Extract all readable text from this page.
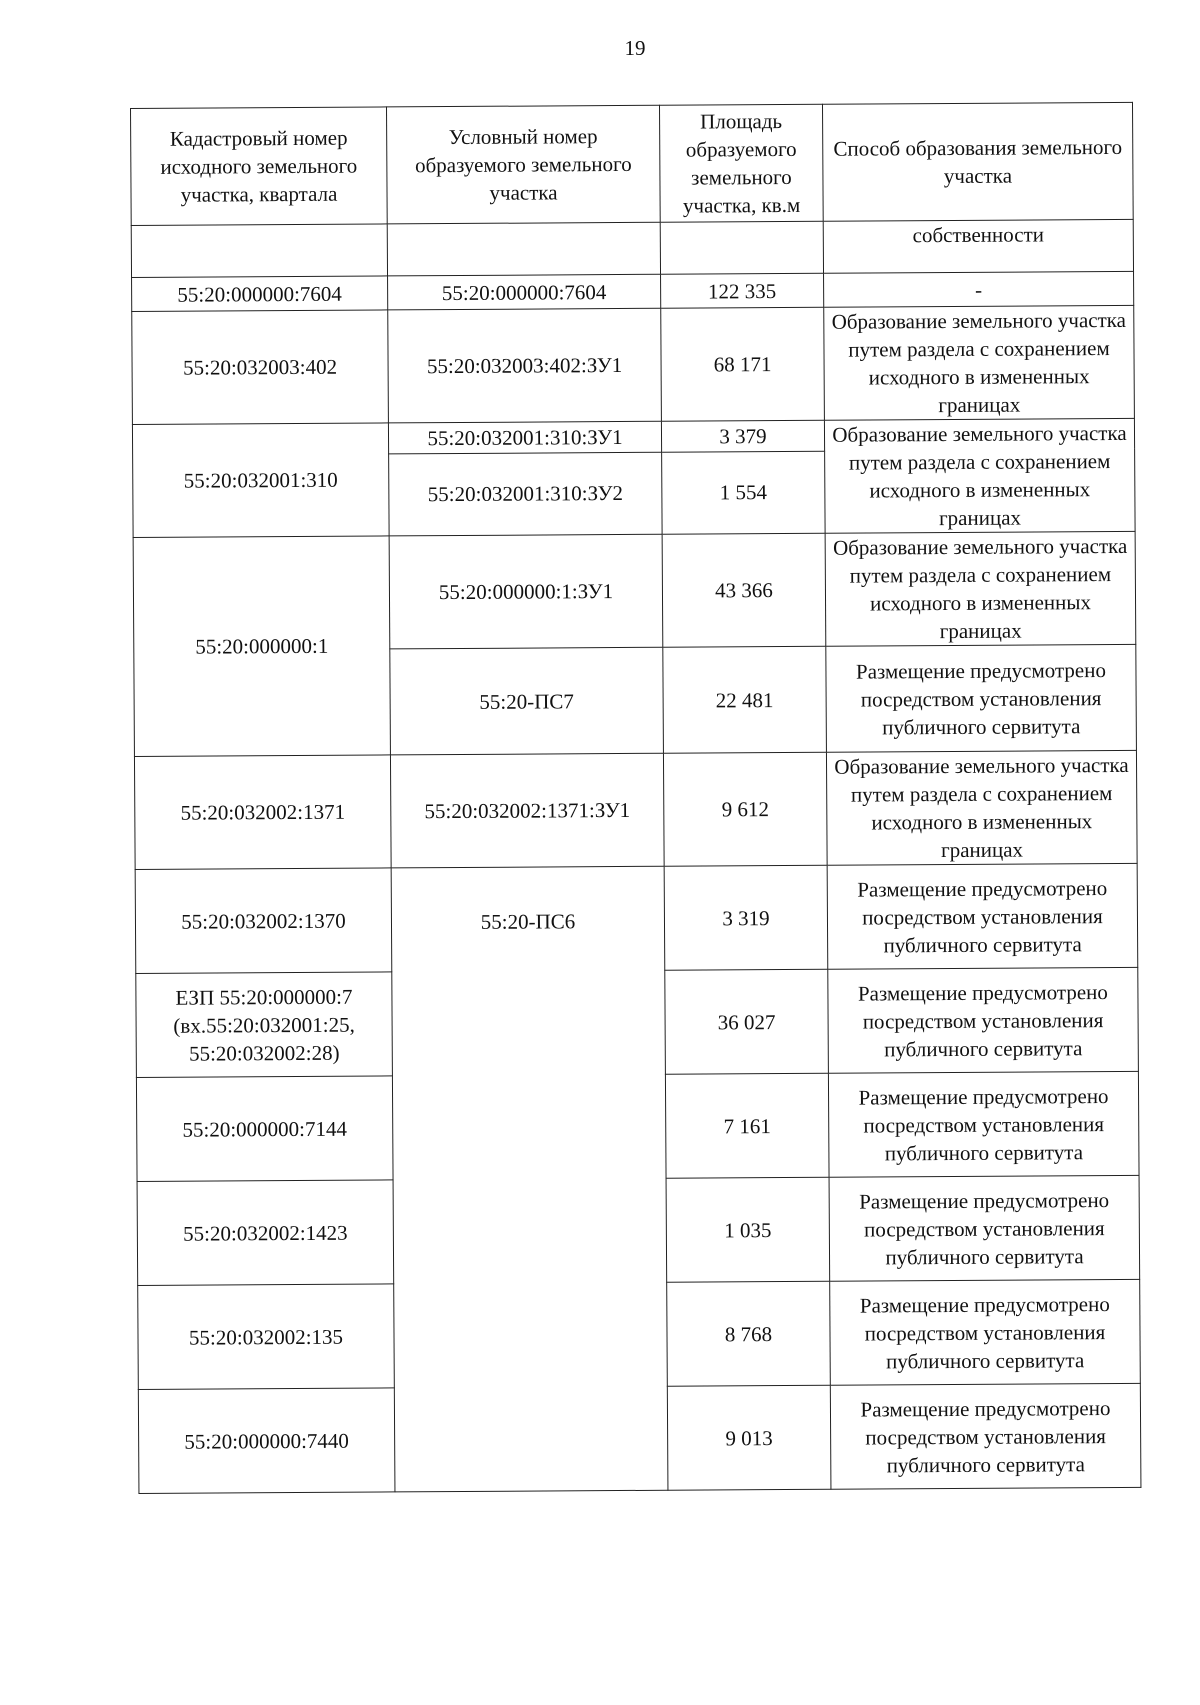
19
Кадастровый номер исходного земельного участка, квартала	Условный номер образуемого земельного участка	Площадь образуемого земельного участка, кв.м	Способ образования земельного участка
			собственности
55:20:000000:7604	55:20:000000:7604	122 335	-
55:20:032003:402	55:20:032003:402:ЗУ1	68 171	Образование земельного участка путем раздела с сохранением исходного в измененных границах
55:20:032001:310	55:20:032001:310:ЗУ1	3 379	Образование земельного участка путем раздела с сохранением исходного в измененных границах
	55:20:032001:310:ЗУ2	1 554	
55:20:000000:1	55:20:000000:1:ЗУ1	43 366	Образование земельного участка путем раздела с сохранением исходного в измененных границах
	55:20-ПС7	22 481	Размещение предусмотрено посредством установления публичного сервитута
55:20:032002:1371	55:20:032002:1371:ЗУ1	9 612	Образование земельного участка путем раздела с сохранением исходного в измененных границах
55:20:032002:1370	55:20-ПС6	3 319	Размещение предусмотрено посредством установления публичного сервитута
ЕЗП 55:20:000000:7 (вх.55:20:032001:25, 55:20:032002:28)		36 027	Размещение предусмотрено посредством установления публичного сервитута
55:20:000000:7144		7 161	Размещение предусмотрено посредством установления публичного сервитута
55:20:032002:1423		1 035	Размещение предусмотрено посредством установления публичного сервитута
55:20:032002:135		8 768	Размещение предусмотрено посредством установления публичного сервитута
55:20:000000:7440		9 013	Размещение предусмотрено посредством установления публичного сервитута
